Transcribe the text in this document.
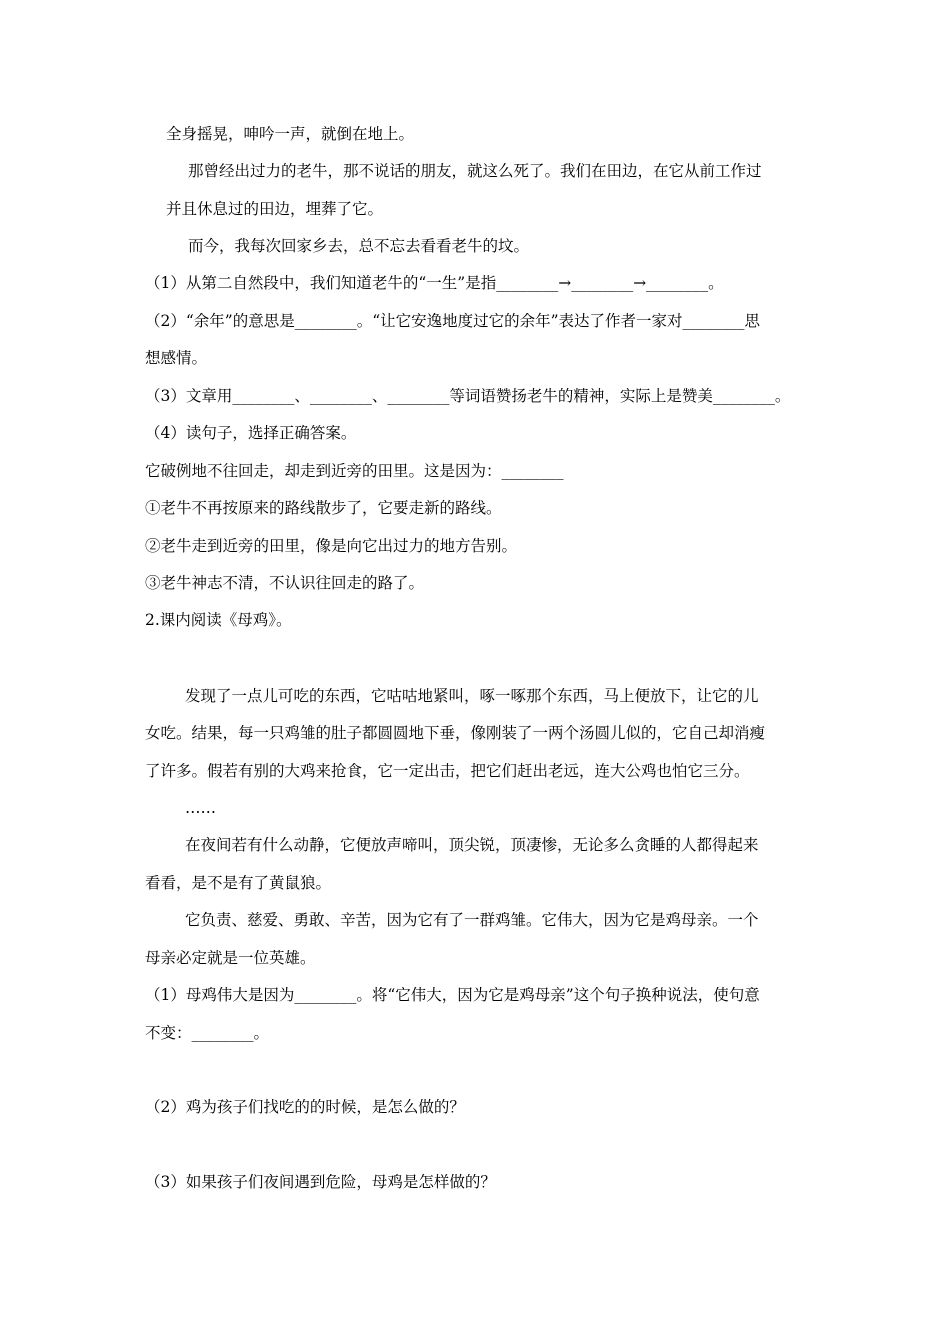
全身摇晃，呻吟一声，就倒在地上。
那曾经出过力的老牛，那不说话的朋友，就这么死了。我们在田边，在它从前工作过
并且休息过的田边，埋葬了它。
而今，我每次回家乡去，总不忘去看看老牛的坟。
（1）从第二自然段中，我们知道老牛的“一生”是指________→________→________。
（2）“余年”的意思是________。“让它安逸地度过它的余年”表达了作者一家对________思
想感情。
（3）文章用________、________、________等词语赞扬老牛的精神，实际上是赞美________。
（4）读句子，选择正确答案。
它破例地不往回走，却走到近旁的田里。这是因为：________
①老牛不再按原来的路线散步了，它要走新的路线。
②老牛走到近旁的田里，像是向它出过力的地方告别。
③老牛神志不清，不认识往回走的路了。
2.课内阅读《母鸡》。
发现了一点儿可吃的东西，它咕咕地紧叫，啄一啄那个东西，马上便放下，让它的儿
女吃。结果，每一只鸡雏的肚子都圆圆地下垂，像刚装了一两个汤圆儿似的，它自己却消瘦
了许多。假若有别的大鸡来抢食，它一定出击，把它们赶出老远，连大公鸡也怕它三分。
……
在夜间若有什么动静，它便放声啼叫，顶尖锐，顶凄惨，无论多么贪睡的人都得起来
看看，是不是有了黄鼠狼。
它负责、慈爱、勇敢、辛苦，因为它有了一群鸡雏。它伟大，因为它是鸡母亲。一个
母亲必定就是一位英雄。
（1）母鸡伟大是因为________。将“它伟大，因为它是鸡母亲”这个句子换种说法，使句意
不变：________。
（2）鸡为孩子们找吃的的时候，是怎么做的？
（3）如果孩子们夜间遇到危险，母鸡是怎样做的？
